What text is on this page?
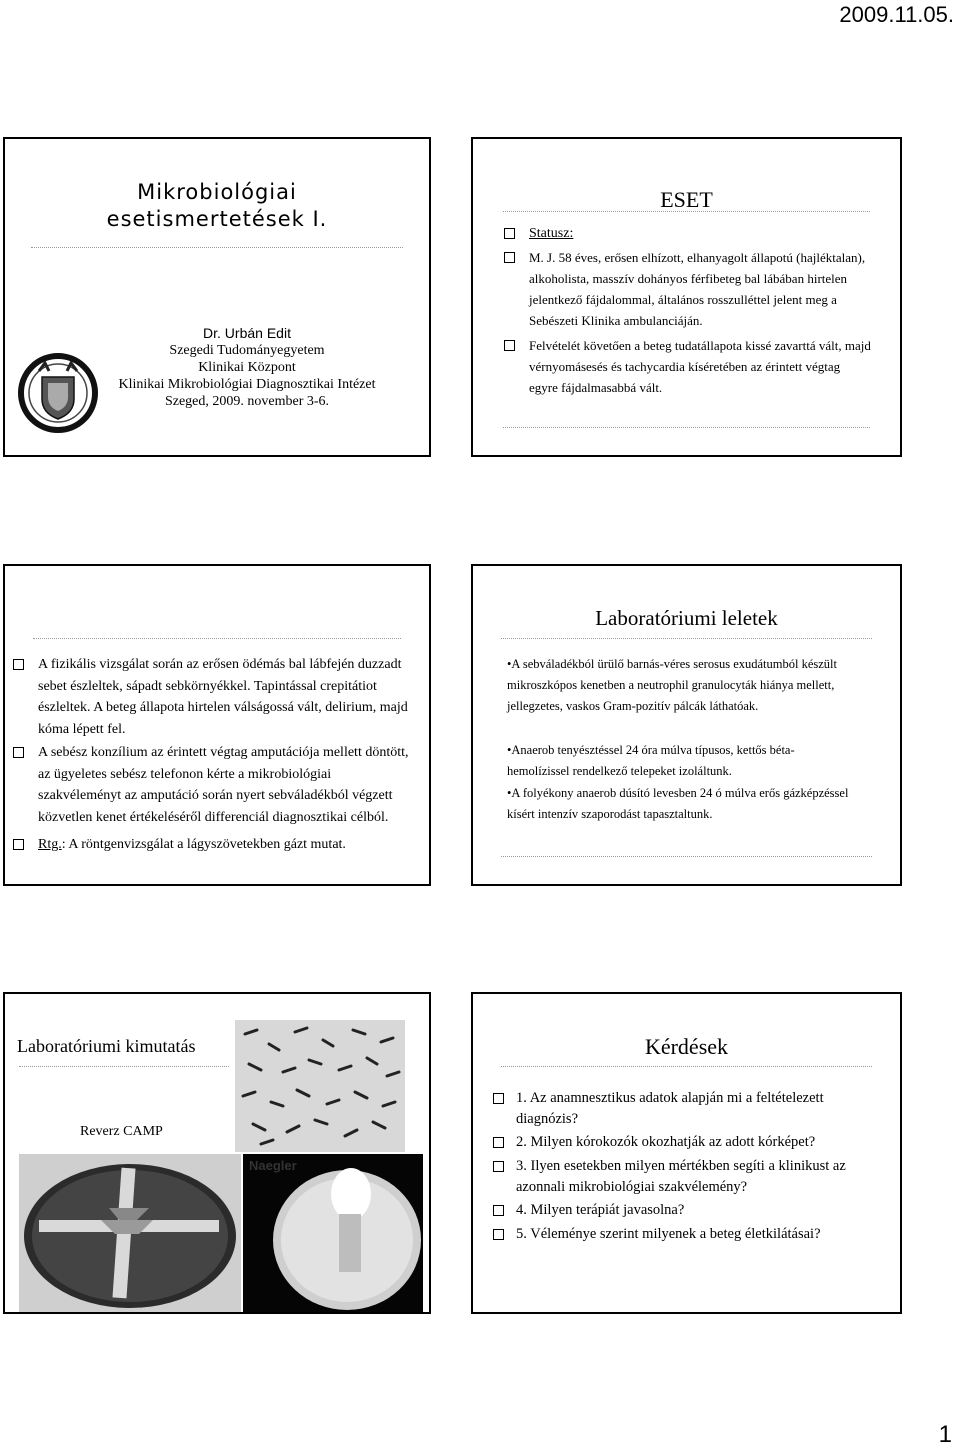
2009.11.05.
Mikrobiológiai
esetismertetések I.
Dr. Urbán Edit
Szegedi Tudományegyetem
Klinikai Központ
Klinikai Mikrobiológiai Diagnosztikai Intézet
Szeged, 2009. november 3-6.
ESET
Statusz:
M. J. 58 éves, erősen elhízott, elhanyagolt állapotú (hajléktalan), alkoholista, masszív dohányos férfibeteg bal lábában hirtelen jelentkező fájdalommal, általános rosszulléttel jelent meg a Sebészeti Klinika ambulanciáján.
Felvételét követően a beteg tudatállapota kissé zavarttá vált, majd vérnyomásesés és tachycardia kíséretében az érintett végtag egyre fájdalmasabbá vált.
A fizikális vizsgálat során az erősen ödémás bal lábfején duzzadt sebet észleltek, sápadt sebkörnyékkel. Tapintással crepitátiot észleltek. A beteg állapota hirtelen válságossá vált, delirium, majd kóma lépett fel.
A sebész konzílium az érintett végtag amputációja mellett döntött, az ügyeletes sebész telefonon kérte a mikrobiológiai szakvéleményt az amputáció során nyert sebváladékból végzett közvetlen kenet értékeléséről differenciál diagnosztikai célból.
Rtg.: A röntgenvizsgálat a lágyszövetekben gázt mutat.
Laboratóriumi leletek
•A sebváladékból ürülő barnás-véres serosus exudátumból készült mikroszkópos kenetben a neutrophil granulocyták hiánya mellett, jellegzetes, vaskos Gram-pozitív pálcák láthatóak.
•Anaerob tenyésztéssel 24 óra múlva típusos, kettős béta-hemolízissel rendelkező telepeket izoláltunk.
•A folyékony anaerob dúsító levesben 24 ó múlva erős gázképzéssel kísért intenzív szaporodást tapasztaltunk.
Laboratóriumi kimutatás
Reverz CAMP
Naegler
Kérdések
1. Az anamnesztikus adatok alapján mi a feltételezett diagnózis?
2. Milyen kórokozók okozhatják az adott kórképet?
3. Ilyen esetekben milyen mértékben segíti a klinikust az azonnali mikrobiológiai szakvélemény?
4. Milyen terápiát javasolna?
5. Véleménye szerint milyenek a beteg életkilátásai?
1
